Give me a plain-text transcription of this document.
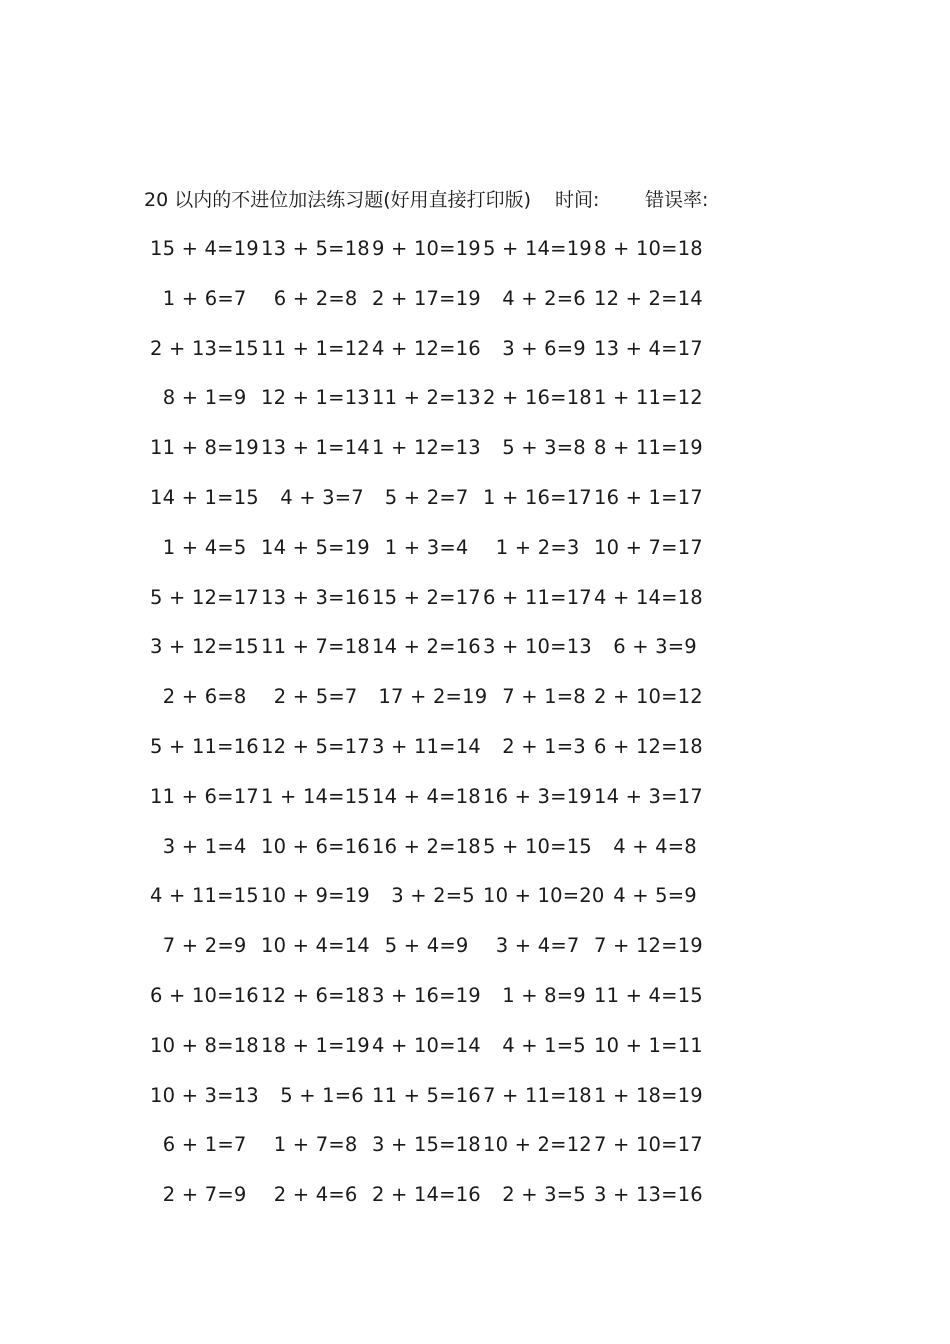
20 以内的不进位加法练习题(好用直接打印版) 时间: 错误率:
15 + 4=19 13 + 5=18 9 + 10=19 5 + 14=19 8 + 10=18
1 + 6=7 6 + 2=8 2 + 17=19 4 + 2=6 12 + 2=14
2 + 13=15 11 + 1=12 4 + 12=16 3 + 6=9 13 + 4=17
8 + 1=9 12 + 1=13 11 + 2=13 2 + 16=18 1 + 11=12
11 + 8=19 13 + 1=14 1 + 12=13 5 + 3=8 8 + 11=19
14 + 1=15 4 + 3=7 5 + 2=7 1 + 16=17 16 + 1=17
1 + 4=5 14 + 5=19 1 + 3=4 1 + 2=3 10 + 7=17
5 + 12=17 13 + 3=16 15 + 2=17 6 + 11=17 4 + 14=18
3 + 12=15 11 + 7=18 14 + 2=16 3 + 10=13 6 + 3=9
2 + 6=8 2 + 5=7 17 + 2=19
7 + 1=8 2 + 10=12
5 + 11=16 12 + 5=17 3 + 11=14 2 + 1=3 6 + 12=18
11 + 6=17 1 + 14=15 14 + 4=18 16 + 3=19 14 + 3=17
3 + 1=4 10 + 6=16 16 + 2=18 5 + 10=15 4 + 4=8
4 + 11=15 10 + 9=19 3 + 2=5 10 + 10=20
4 + 5=9
7 + 2=9 10 + 4=14 5 + 4=9 3 + 4=7 7 + 12=19
6 + 10=16 12 + 6=18 3 + 16=19 1 + 8=9 11 + 4=15
10 + 8=18 18 + 1=19 4 + 10=14 4 + 1=5 10 + 1=11
10 + 3=13 5 + 1=6 11 + 5=16 7 + 11=18 1 + 18=19
6 + 1=7 1 + 7=8 3 + 15=18 10 + 2=12 7 + 10=17
2 + 7=9 2 + 4=6 2 + 14=16 2 + 3=5 3 + 13=16
